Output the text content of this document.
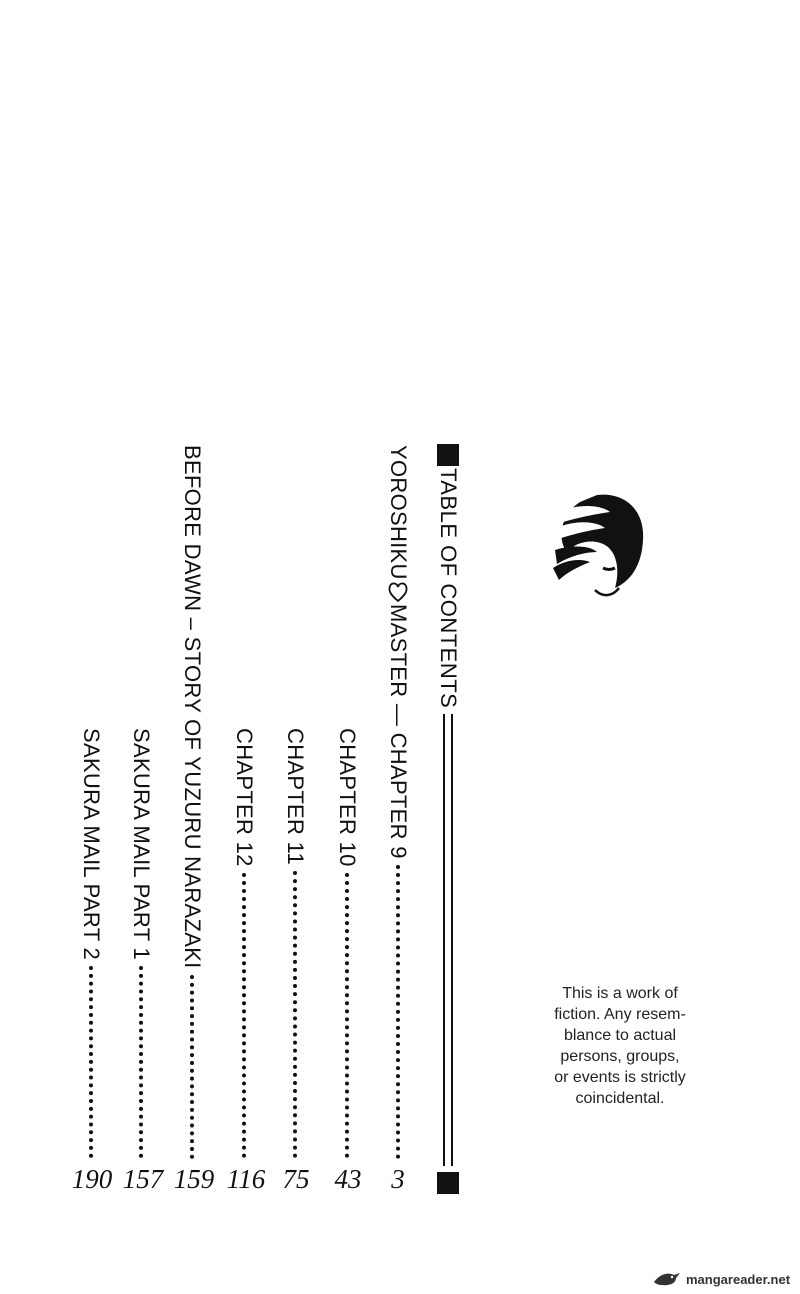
TABLE OF CONTENTS
YOROSHIKU
MASTER — CHAPTER 9
CHAPTER 10
CHAPTER 11
CHAPTER 12
BEFORE DAWN – STORY OF YUZURU NARAZAKI
SAKURA MAIL PART 1
SAKURA MAIL PART 2
3
43
75
116
159
157
190
This is a work of
fiction. Any resem-
blance to actual
persons, groups,
or events is strictly
coincidental.
mangareader.net
